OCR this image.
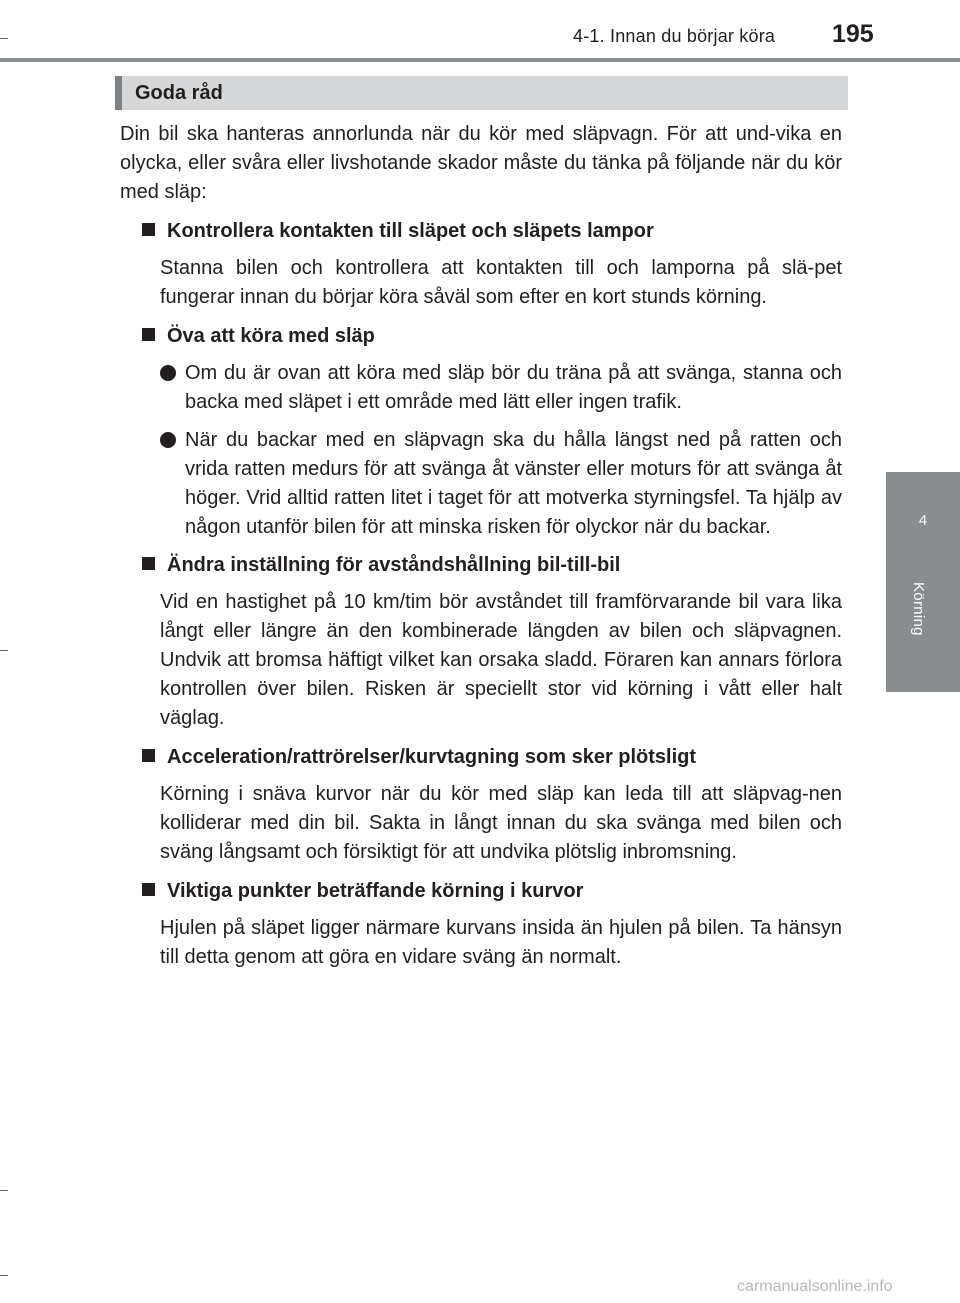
4-1. Innan du börjar köra 195
4
Körning
Goda råd

Din bil ska hanteras annorlunda när du kör med släpvagn. För att und-vika en olycka, eller svåra eller livshotande skador måste du tänka på följande när du kör med släp:

Kontrollera kontakten till släpet och släpets lampor

Stanna bilen och kontrollera att kontakten till och lamporna på slä-pet fungerar innan du börjar köra såväl som efter en kort stunds körning.

Öva att köra med släp
Om du är ovan att köra med släp bör du träna på att svänga, stanna och backa med släpet i ett område med lätt eller ingen trafik.
När du backar med en släpvagn ska du hålla längst ned på ratten och vrida ratten medurs för att svänga åt vänster eller moturs för att svänga åt höger. Vrid alltid ratten litet i taget för att motverka styrningsfel. Ta hjälp av någon utanför bilen för att minska risken för olyckor när du backar.
Ändra inställning för avståndshållning bil-till-bil

Vid en hastighet på 10 km/tim bör avståndet till framförvarande bil vara lika långt eller längre än den kombinerade längden av bilen och släpvagnen. Undvik att bromsa häftigt vilket kan orsaka sladd. Föraren kan annars förlora kontrollen över bilen. Risken är speciellt stor vid körning i vått eller halt väglag.

Acceleration/rattrörelser/kurvtagning som sker plötsligt

Körning i snäva kurvor när du kör med släp kan leda till att släpvag-nen kolliderar med din bil. Sakta in långt innan du ska svänga med bilen och sväng långsamt och försiktigt för att undvika plötslig inbromsning.

Viktiga punkter beträffande körning i kurvor

Hjulen på släpet ligger närmare kurvans insida än hjulen på bilen. Ta hänsyn till detta genom att göra en vidare sväng än normalt.

carmanualsonline.info
